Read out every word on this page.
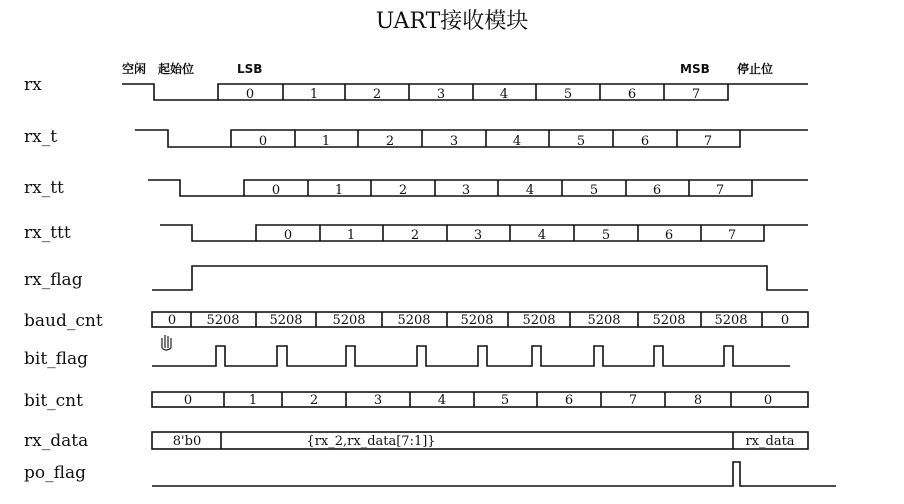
UART接收模块
空闲 起始位	LSB	MSB 停止位
rx
rx_t
rx_tt
rx_ttt
rx_flag
baud_cnt
bit_flag
bit_cnt
rx_data
po_flag
0	1	2	3	4	5	6	7
0	1	2	3	4	5	6	7
0	1	2	3	4	5	6	7
0	1	2	3	4	5	6	7
0 5208 5208 5208 5208 5208 5208 5208 5208 5208	0
0	1	2	3	4	5	6	7	8	0
8'b0	{rx_2,rx_data[7:1]}	rx_data
